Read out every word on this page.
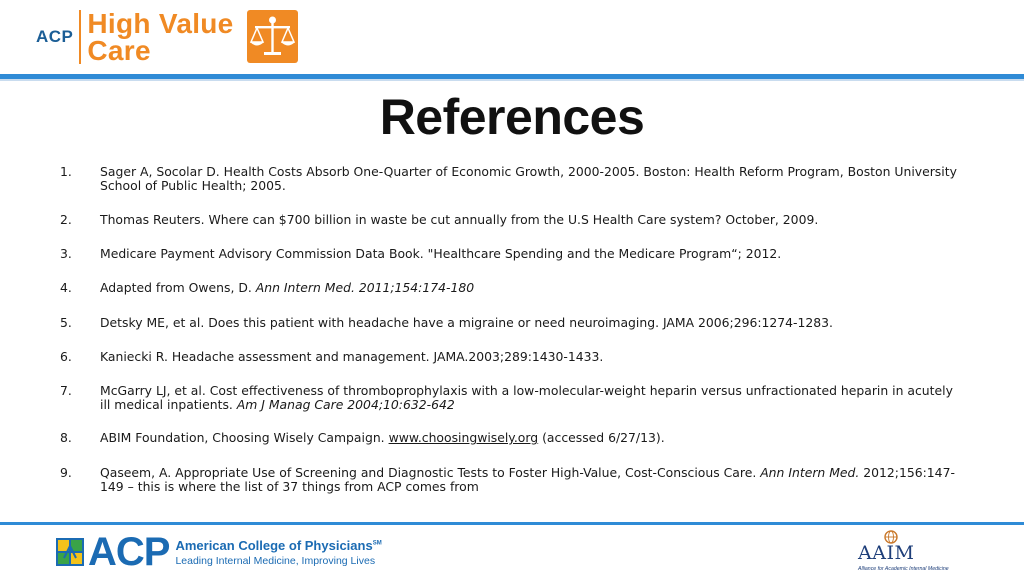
ACP High Value
Care
References
1.	Sager A, Socolar D. Health Costs Absorb One-Quarter of Economic Growth, 2000-2005. Boston: Health Reform Program, Boston University School of Public Health; 2005.
2.	Thomas Reuters. Where can $700 billion in waste be cut annually from the U.S Health Care system? October, 2009.
3.	Medicare Payment Advisory Commission Data Book. "Healthcare Spending and the Medicare Program“; 2012.
4.	Adapted from Owens, D. Ann Intern Med. 2011;154:174-180
5.	Detsky ME, et al. Does this patient with headache have a migraine or need neuroimaging. JAMA 2006;296:1274-1283.
6.	Kaniecki R. Headache assessment and management. JAMA.2003;289:1430-1433.
7.	McGarry LJ, et al. Cost effectiveness of thromboprophylaxis with a low-molecular-weight heparin versus unfractionated heparin in acutely ill medical inpatients. Am J Manag Care 2004;10:632-642
8.	ABIM Foundation, Choosing Wisely Campaign. www.choosingwisely.org (accessed 6/27/13).
9.	Qaseem, A. Appropriate Use of Screening and Diagnostic Tests to Foster High-Value, Cost-Conscious Care. Ann Intern Med. 2012;156:147-149 – this is where the list of 37 things from ACP comes from
ACP American College of Physicians℠
Leading Internal Medicine, Improving Lives	AAIM
Alliance for Academic Internal Medicine
